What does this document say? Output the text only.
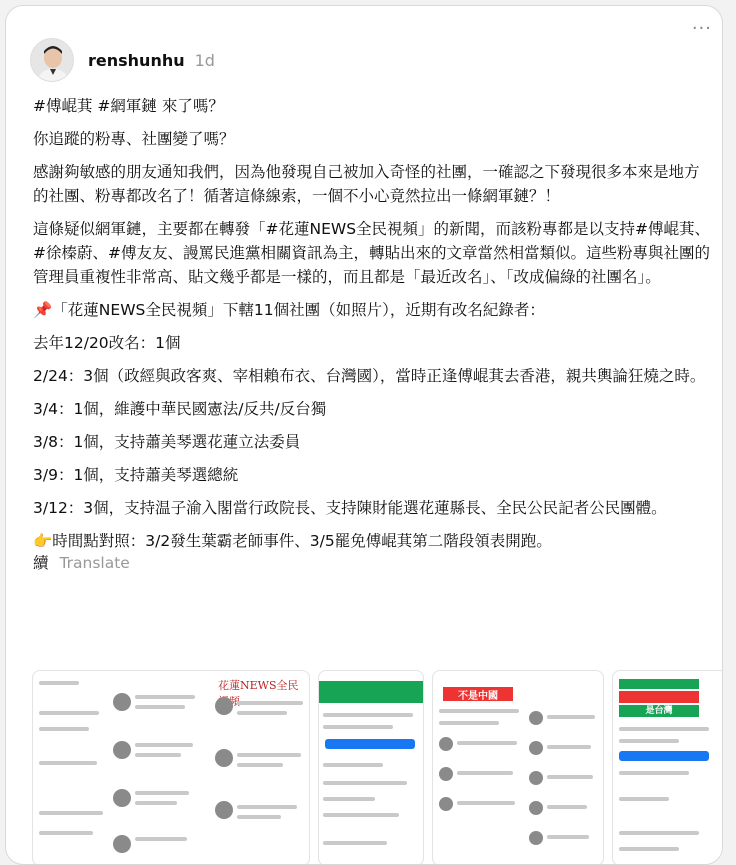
renshunhu 1d
···

#傅崐萁 #網軍鏈 來了嗎？

你追蹤的粉專、社團變了嗎？

感謝夠敏感的朋友通知我們，因為他發現自己被加入奇怪的社團，一確認之下發現很多本來是地方的社團、粉專都改名了！循著這條線索，一個不小心竟然拉出一條網軍鏈？！

這條疑似網軍鏈，主要都在轉發「#花蓮NEWS全民視頻」的新聞，而該粉專都是以支持#傅崐萁、#徐榛蔚、#傅友友、謾罵民進黨相關資訊為主，轉貼出來的文章當然相當類似。這些粉專與社團的管理員重複性非常高、貼文幾乎都是一樣的，而且都是「最近改名」、「改成偏綠的社團名」。

📌「花蓮NEWS全民視頻」下轄11個社團（如照片），近期有改名紀錄者：

去年12/20改名：1個

2/24：3個（政經與政客爽、宰相賴布衣、台灣國），當時正逢傅崐萁去香港，親共輿論狂燒之時。

3/4：1個，維護中華民國憲法/反共/反台獨

3/8：1個，支持蕭美琴選花蓮立法委員

3/9：1個，支持蕭美琴選總統

3/12：3個，支持温子渝入閣當行政院長、支持陳財能選花蓮縣長、全民公民記者公民團體。

👉時間點對照：3/2發生葉霸老師事件、3/5罷免傅崐萁第二階段領表開跑。

續 Translate
花蓮NEWS全民 頻	不是中國
是台灣
